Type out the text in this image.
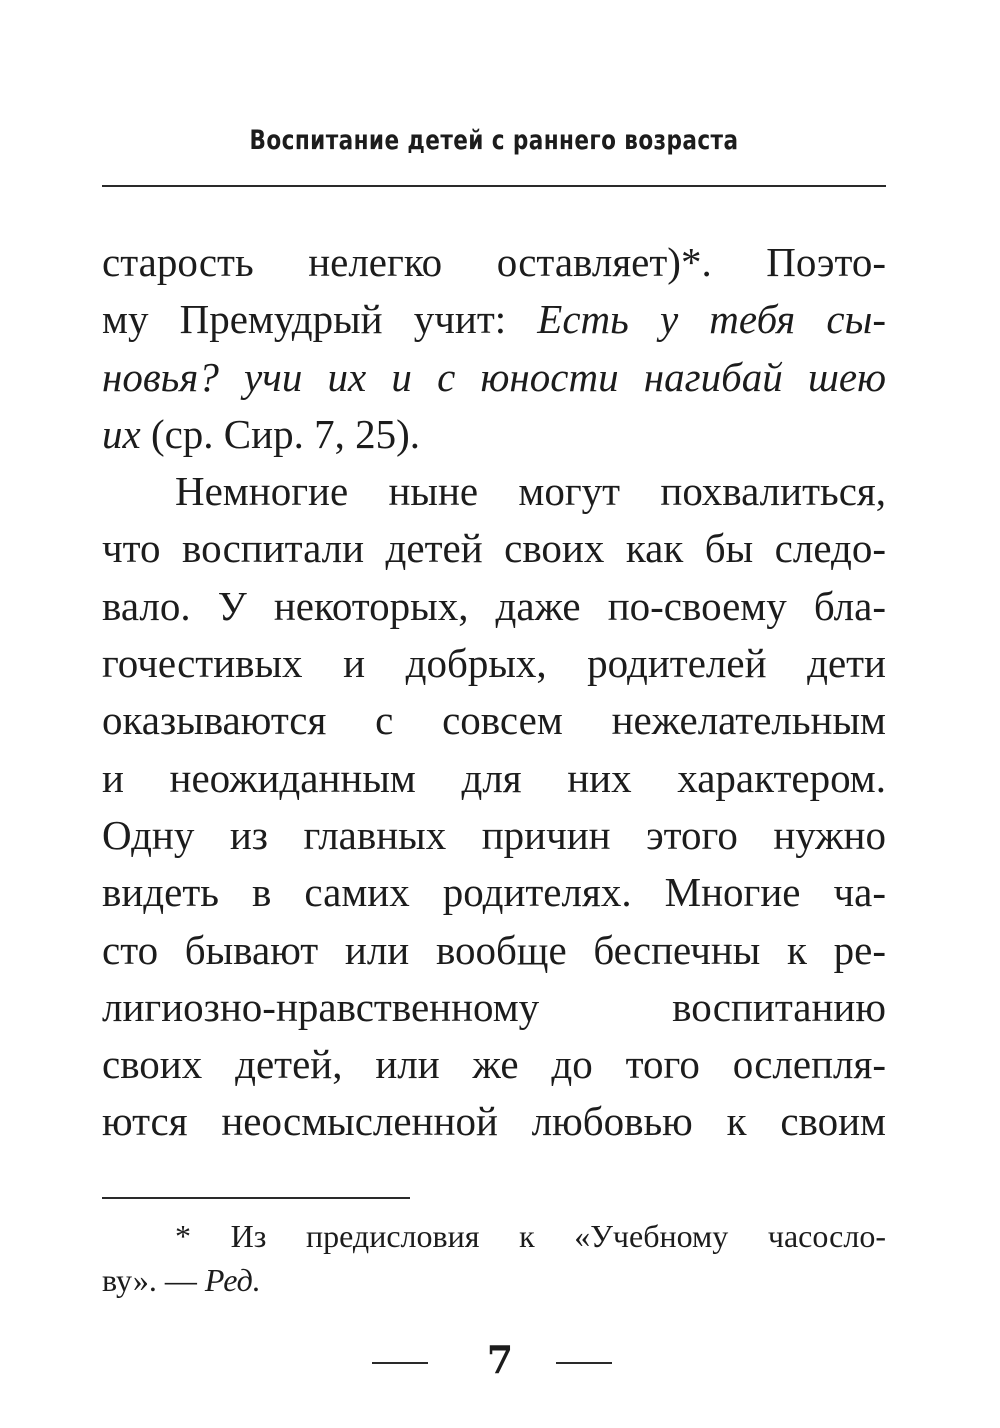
Воспитание детей с раннего возраста
старость нелегко оставляет)*. Поэто-
му Премудрый учит: Есть у тебя сы-
новья? учи их и с юности нагибай шею
их (ср. Сир. 7, 25).
Немногие ныне могут похвалиться,
что воспитали детей своих как бы следо-
вало. У некоторых, даже по-своему бла-
гочестивых и добрых, родителей дети
оказываются с совсем нежелательным
и неожиданным для них характером.
Одну из главных причин этого нужно
видеть в самих родителях. Многие ча-
сто бывают или вообще беспечны к ре-
лигиозно-нравственному воспитанию
своих детей, или же до того ослепля-
ются неосмысленной любовью к своим
* Из предисловия к «Учебному часосло-
ву». — Ред.
7
